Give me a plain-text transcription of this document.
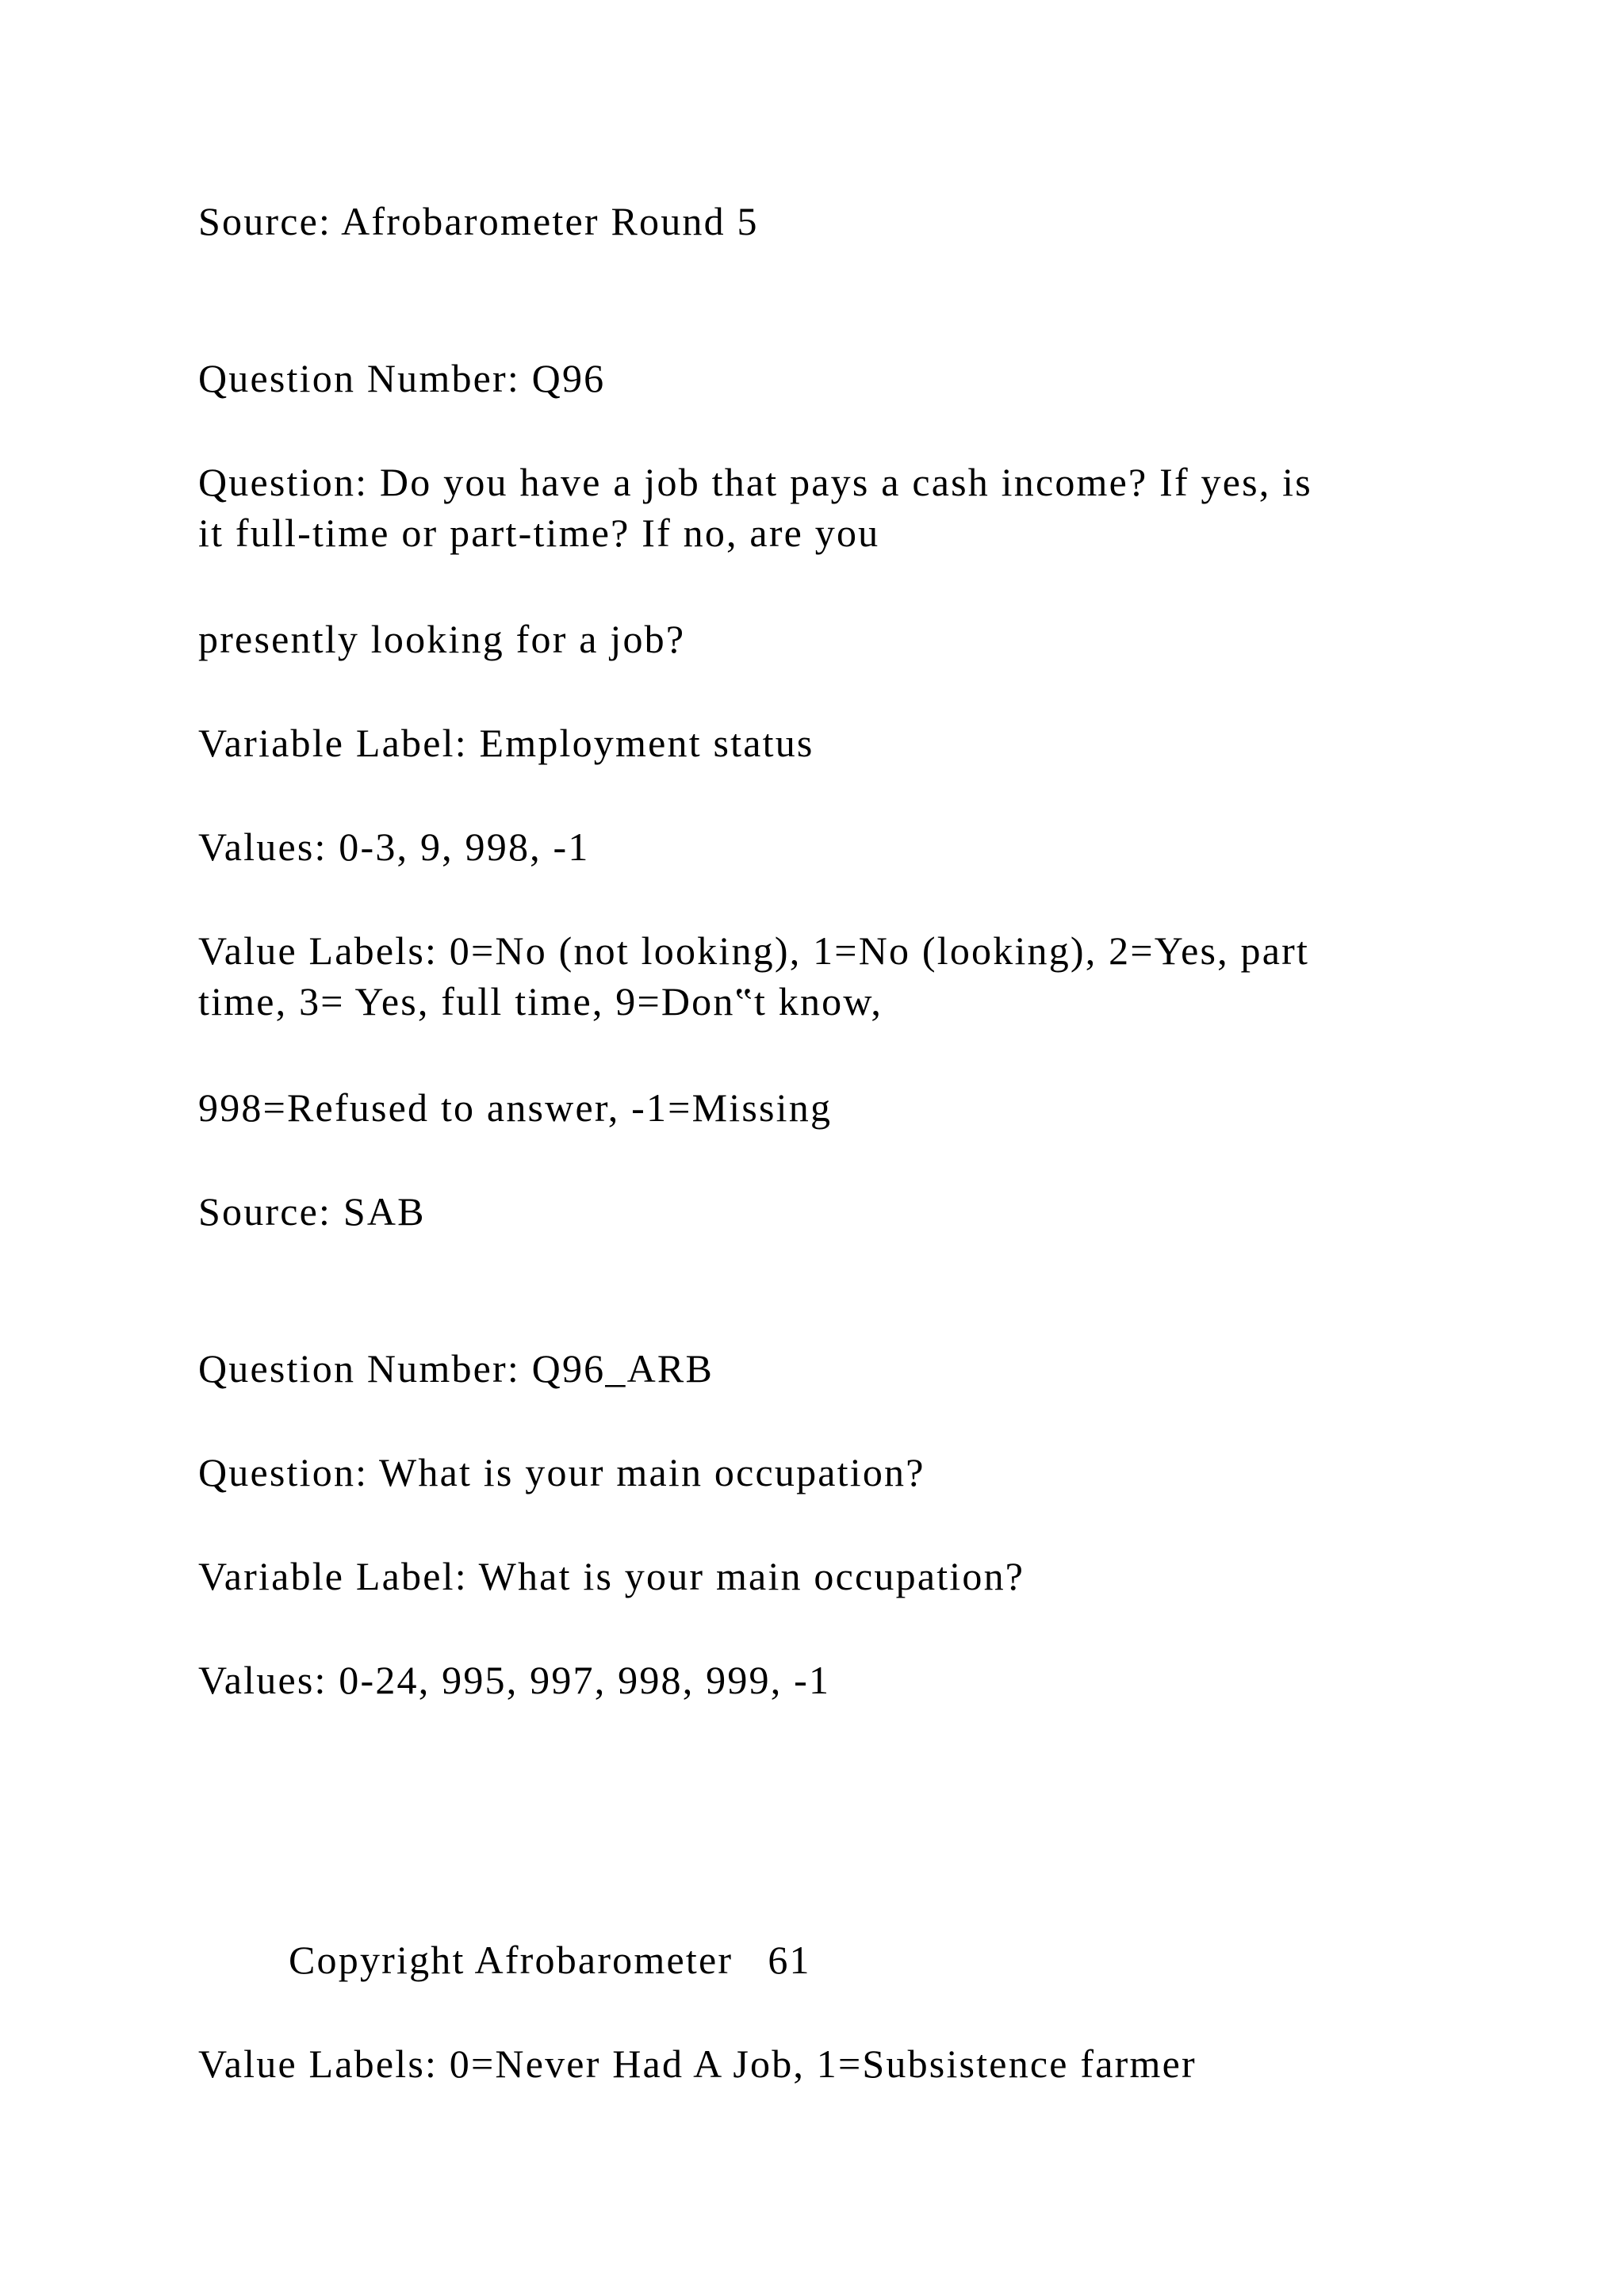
Source: Afrobarometer Round 5

Question Number: Q96

Question: Do you have a job that pays a cash income? If yes, is

it full-time or part-time? If no, are you

presently looking for a job?

Variable Label: Employment status

Values: 0-3, 9, 998, -1

Value Labels: 0=No (not looking), 1=No (looking), 2=Yes, part

time, 3= Yes, full time, 9=Don‟t know,

998=Refused to answer, -1=Missing

Source: SAB

Question Number: Q96_ARB

Question: What is your main occupation?

Variable Label: What is your main occupation?

Values: 0-24, 995, 997, 998, 999, -1

Copyright Afrobarometer 61

Value Labels: 0=Never Had A Job, 1=Subsistence farmer
